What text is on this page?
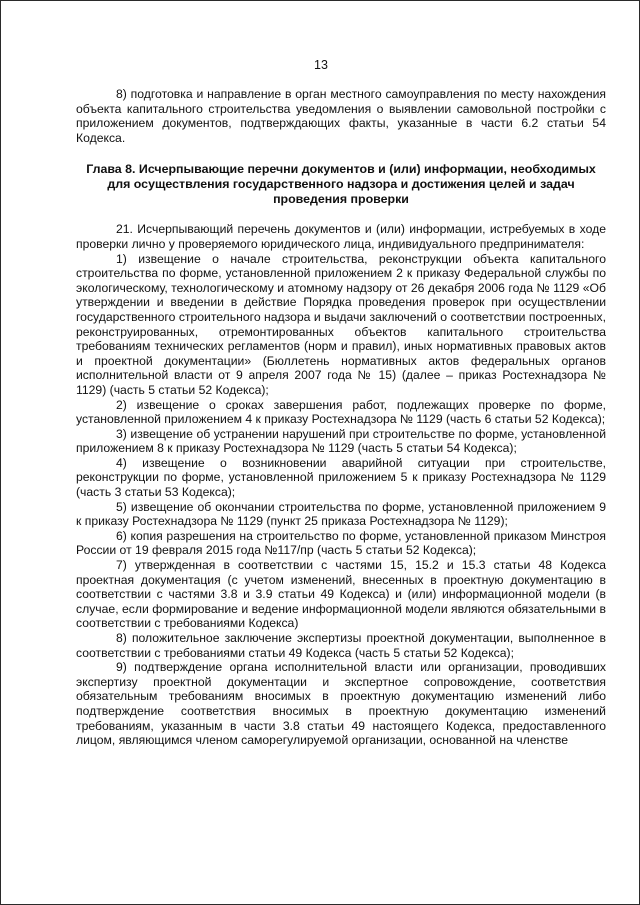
13

8) подготовка и направление в орган местного самоуправления по месту нахождения объекта капитального строительства уведомления о выявлении самовольной постройки с приложением документов, подтверждающих факты, указанные в части 6.2 статьи 54 Кодекса.

Глава 8. Исчерпывающие перечни документов и (или) информации, необходимых для осуществления государственного надзора и достижения целей и задач проведения проверки

21. Исчерпывающий перечень документов и (или) информации, истребуемых в ходе проверки лично у проверяемого юридического лица, индивидуального предпринимателя:

1) извещение о начале строительства, реконструкции объекта капитального строительства по форме, установленной приложением 2 к приказу Федеральной службы по экологическому, технологическому и атомному надзору от 26 декабря 2006 года № 1129 «Об утверждении и введении в действие Порядка проведения проверок при осуществлении государственного строительного надзора и выдачи заключений о соответствии построенных, реконструированных, отремонтированных объектов капитального строительства требованиям технических регламентов (норм и правил), иных нормативных правовых актов и проектной документации» (Бюллетень нормативных актов федеральных органов исполнительной власти от 9 апреля 2007 года № 15) (далее – приказ Ростехнадзора № 1129) (часть 5 статьи 52 Кодекса);

2) извещение о сроках завершения работ, подлежащих проверке по форме, установленной приложением 4 к приказу Ростехнадзора № 1129 (часть 6 статьи 52 Кодекса);

3) извещение об устранении нарушений при строительстве по форме, установленной приложением 8 к приказу Ростехнадзора № 1129 (часть 5 статьи 54 Кодекса);

4) извещение о возникновении аварийной ситуации при строительстве, реконструкции по форме, установленной приложением 5 к приказу Ростехнадзора № 1129 (часть 3 статьи 53 Кодекса);

5) извещение об окончании строительства по форме, установленной приложением 9 к приказу Ростехнадзора № 1129 (пункт 25 приказа Ростехнадзора № 1129);

6) копия разрешения на строительство по форме, установленной приказом Минстроя России от 19 февраля 2015 года №117/пр (часть 5 статьи 52 Кодекса);

7) утвержденная в соответствии с частями 15, 15.2 и 15.3 статьи 48 Кодекса проектная документация (с учетом изменений, внесенных в проектную документацию в соответствии с частями 3.8 и 3.9 статьи 49 Кодекса) и (или) информационной модели (в случае, если формирование и ведение информационной модели являются обязательными в соответствии с требованиями Кодекса)

8) положительное заключение экспертизы проектной документации, выполненное в соответствии с требованиями статьи 49 Кодекса (часть 5 статьи 52 Кодекса);

9) подтверждение органа исполнительной власти или организации, проводивших экспертизу проектной документации и экспертное сопровождение, соответствия обязательным требованиям вносимых в проектную документацию изменений либо подтверждение соответствия вносимых в проектную документацию изменений требованиям, указанным в части 3.8 статьи 49 настоящего Кодекса, предоставленного лицом, являющимся членом саморегулируемой организации, основанной на членстве
